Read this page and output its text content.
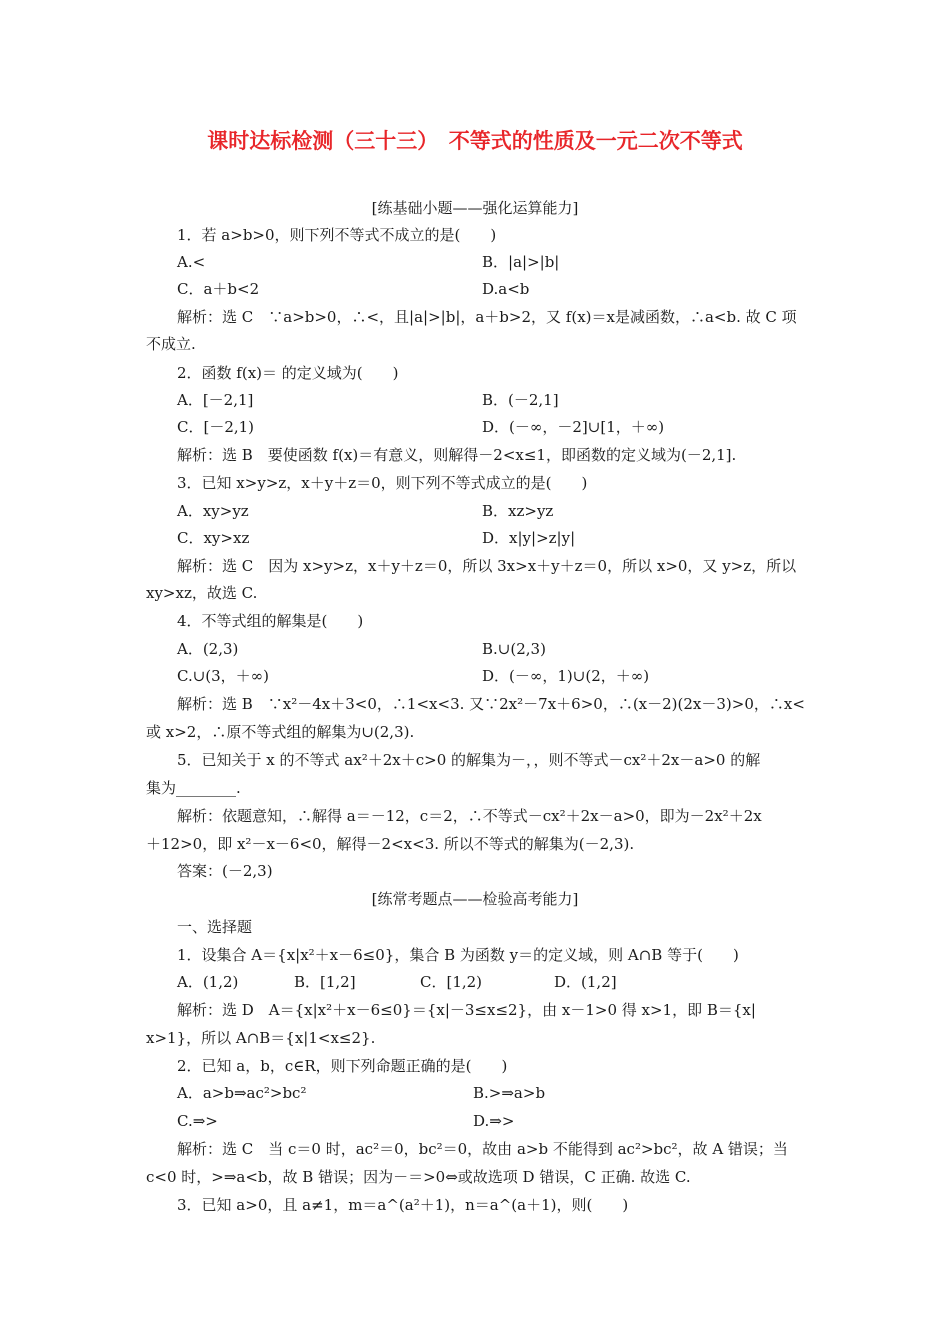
课时达标检测（三十三）　不等式的性质及一元二次不等式
[练基础小题——强化运算能力]
1．若 a>b>0，则下列不等式不成立的是(　　)
A.<	B．|a|>|b|
C．a＋b<2	D.a<b
解析：选 C　∵a>b>0，∴<，且|a|>|b|，a＋b>2，又 f(x)＝x是减函数，∴a<b. 故 C 项
不成立.
2．函数 f(x)＝ 的定义域为(　　)
A．[－2,1]	B．(－2,1]
C．[－2,1)	D．(－∞，－2]∪[1，＋∞)
解析：选 B　要使函数 f(x)＝有意义，则解得－2<x≤1，即函数的定义域为(－2,1].
3．已知 x>y>z，x＋y＋z＝0，则下列不等式成立的是(　　)
A．xy>yz	B．xz>yz
C．xy>xz	D．x|y|>z|y|
解析：选 C　因为 x>y>z，x＋y＋z＝0，所以 3x>x＋y＋z＝0，所以 x>0，又 y>z，所以
xy>xz，故选 C.
4．不等式组的解集是(　　)
A．(2,3)	B.∪(2,3)
C.∪(3，＋∞)	D．(－∞，1)∪(2，＋∞)
解析：选 B　∵x²－4x＋3<0，∴1<x<3. 又∵2x²－7x＋6>0，∴(x－2)(2x－3)>0，∴x<
或 x>2，∴原不等式组的解集为∪(2,3).
5．已知关于 x 的不等式 ax²＋2x＋c>0 的解集为－，，则不等式－cx²＋2x－a>0 的解
集为________.
解析：依题意知，∴解得 a＝－12，c＝2，∴不等式－cx²＋2x－a>0，即为－2x²＋2x
＋12>0，即 x²－x－6<0，解得－2<x<3. 所以不等式的解集为(－2,3).
答案：(－2,3)
[练常考题点——检验高考能力]
一、选择题
1．设集合 A＝{x|x²＋x－6≤0}，集合 B 为函数 y＝的定义域，则 A∩B 等于(　　)
A．(1,2)	B．[1,2]	C．[1,2)	D．(1,2]
解析：选 D　A＝{x|x²＋x－6≤0}＝{x|－3≤x≤2}，由 x－1>0 得 x>1，即 B＝{x|
x>1}，所以 A∩B＝{x|1<x≤2}.
2．已知 a，b，c∈R，则下列命题正确的是(　　)
A．a>b⇒ac²>bc²	B.>⇒a>b
C.⇒>	D.⇒>
解析：选 C　当 c＝0 时，ac²＝0，bc²＝0，故由 a>b 不能得到 ac²>bc²，故 A 错误；当
c<0 时，>⇒a<b，故 B 错误；因为－＝>0⇔或故选项 D 错误，C 正确. 故选 C.
3．已知 a>0，且 a≠1，m＝a^(a²＋1)，n＝a^(a＋1)，则(　　)
